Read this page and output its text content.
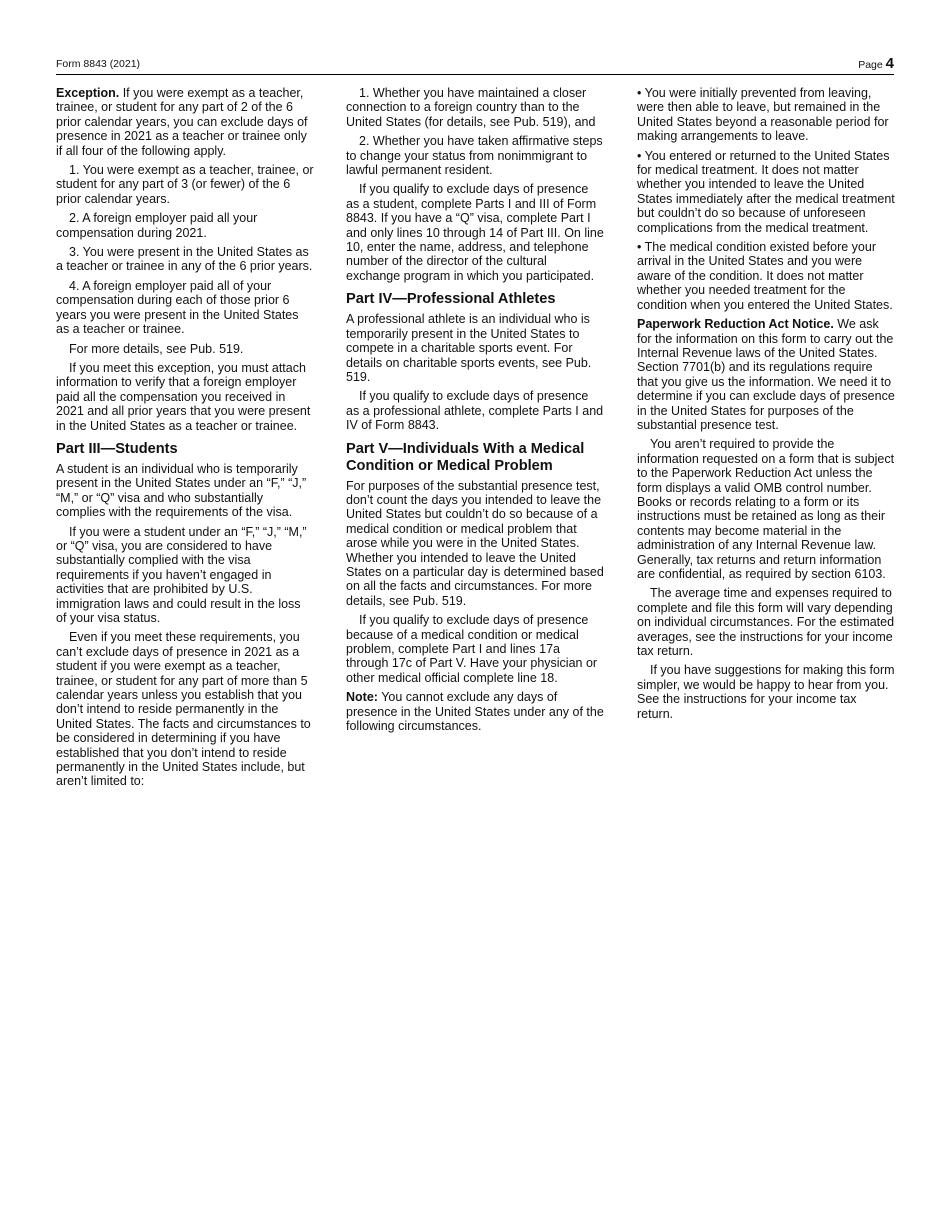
Form 8843 (2021)	Page 4

Exception. If you were exempt as a teacher, trainee, or student for any part of 2 of the 6 prior calendar years, you can exclude days of presence in 2021 as a teacher or trainee only if all four of the following apply.

1. You were exempt as a teacher, trainee, or student for any part of 3 (or fewer) of the 6 prior calendar years.

2. A foreign employer paid all your compensation during 2021.

3. You were present in the United States as a teacher or trainee in any of the 6 prior years.

4. A foreign employer paid all of your compensation during each of those prior 6 years you were present in the United States as a teacher or trainee.

For more details, see Pub. 519.

If you meet this exception, you must attach information to verify that a foreign employer paid all the compensation you received in 2021 and all prior years that you were present in the United States as a teacher or trainee.

Part III—Students

A student is an individual who is temporarily present in the United States under an “F,” “J,” “M,” or “Q” visa and who substantially complies with the requirements of the visa.

If you were a student under an “F,” “J,” “M,” or “Q” visa, you are considered to have substantially complied with the visa requirements if you haven’t engaged in activities that are prohibited by U.S. immigration laws and could result in the loss of your visa status.

Even if you meet these requirements, you can’t exclude days of presence in 2021 as a student if you were exempt as a teacher, trainee, or student for any part of more than 5 calendar years unless you establish that you don’t intend to reside permanently in the United States. The facts and circumstances to be considered in determining if you have established that you don’t intend to reside permanently in the United States include, but aren’t limited to:

1. Whether you have maintained a closer connection to a foreign country than to the United States (for details, see Pub. 519), and

2. Whether you have taken affirmative steps to change your status from nonimmigrant to lawful permanent resident.

If you qualify to exclude days of presence as a student, complete Parts I and III of Form 8843. If you have a “Q” visa, complete Part I and only lines 10 through 14 of Part III. On line 10, enter the name, address, and telephone number of the director of the cultural exchange program in which you participated.

Part IV—Professional Athletes

A professional athlete is an individual who is temporarily present in the United States to compete in a charitable sports event. For details on charitable sports events, see Pub. 519.

If you qualify to exclude days of presence as a professional athlete, complete Parts I and IV of Form 8843.

Part V—Individuals With a Medical Condition or Medical Problem

For purposes of the substantial presence test, don’t count the days you intended to leave the United States but couldn’t do so because of a medical condition or medical problem that arose while you were in the United States. Whether you intended to leave the United States on a particular day is determined based on all the facts and circumstances. For more details, see Pub. 519.

If you qualify to exclude days of presence because of a medical condition or medical problem, complete Part I and lines 17a through 17c of Part V. Have your physician or other medical official complete line 18.

Note: You cannot exclude any days of presence in the United States under any of the following circumstances.

• You were initially prevented from leaving, were then able to leave, but remained in the United States beyond a reasonable period for making arrangements to leave.

• You entered or returned to the United States for medical treatment. It does not matter whether you intended to leave the United States immediately after the medical treatment but couldn’t do so because of unforeseen complications from the medical treatment.

• The medical condition existed before your arrival in the United States and you were aware of the condition. It does not matter whether you needed treatment for the condition when you entered the United States.

Paperwork Reduction Act Notice. We ask for the information on this form to carry out the Internal Revenue laws of the United States. Section 7701(b) and its regulations require that you give us the information. We need it to determine if you can exclude days of presence in the United States for purposes of the substantial presence test.

You aren’t required to provide the information requested on a form that is subject to the Paperwork Reduction Act unless the form displays a valid OMB control number. Books or records relating to a form or its instructions must be retained as long as their contents may become material in the administration of any Internal Revenue law. Generally, tax returns and return information are confidential, as required by section 6103.

The average time and expenses required to complete and file this form will vary depending on individual circumstances. For the estimated averages, see the instructions for your income tax return.

If you have suggestions for making this form simpler, we would be happy to hear from you. See the instructions for your income tax return.
